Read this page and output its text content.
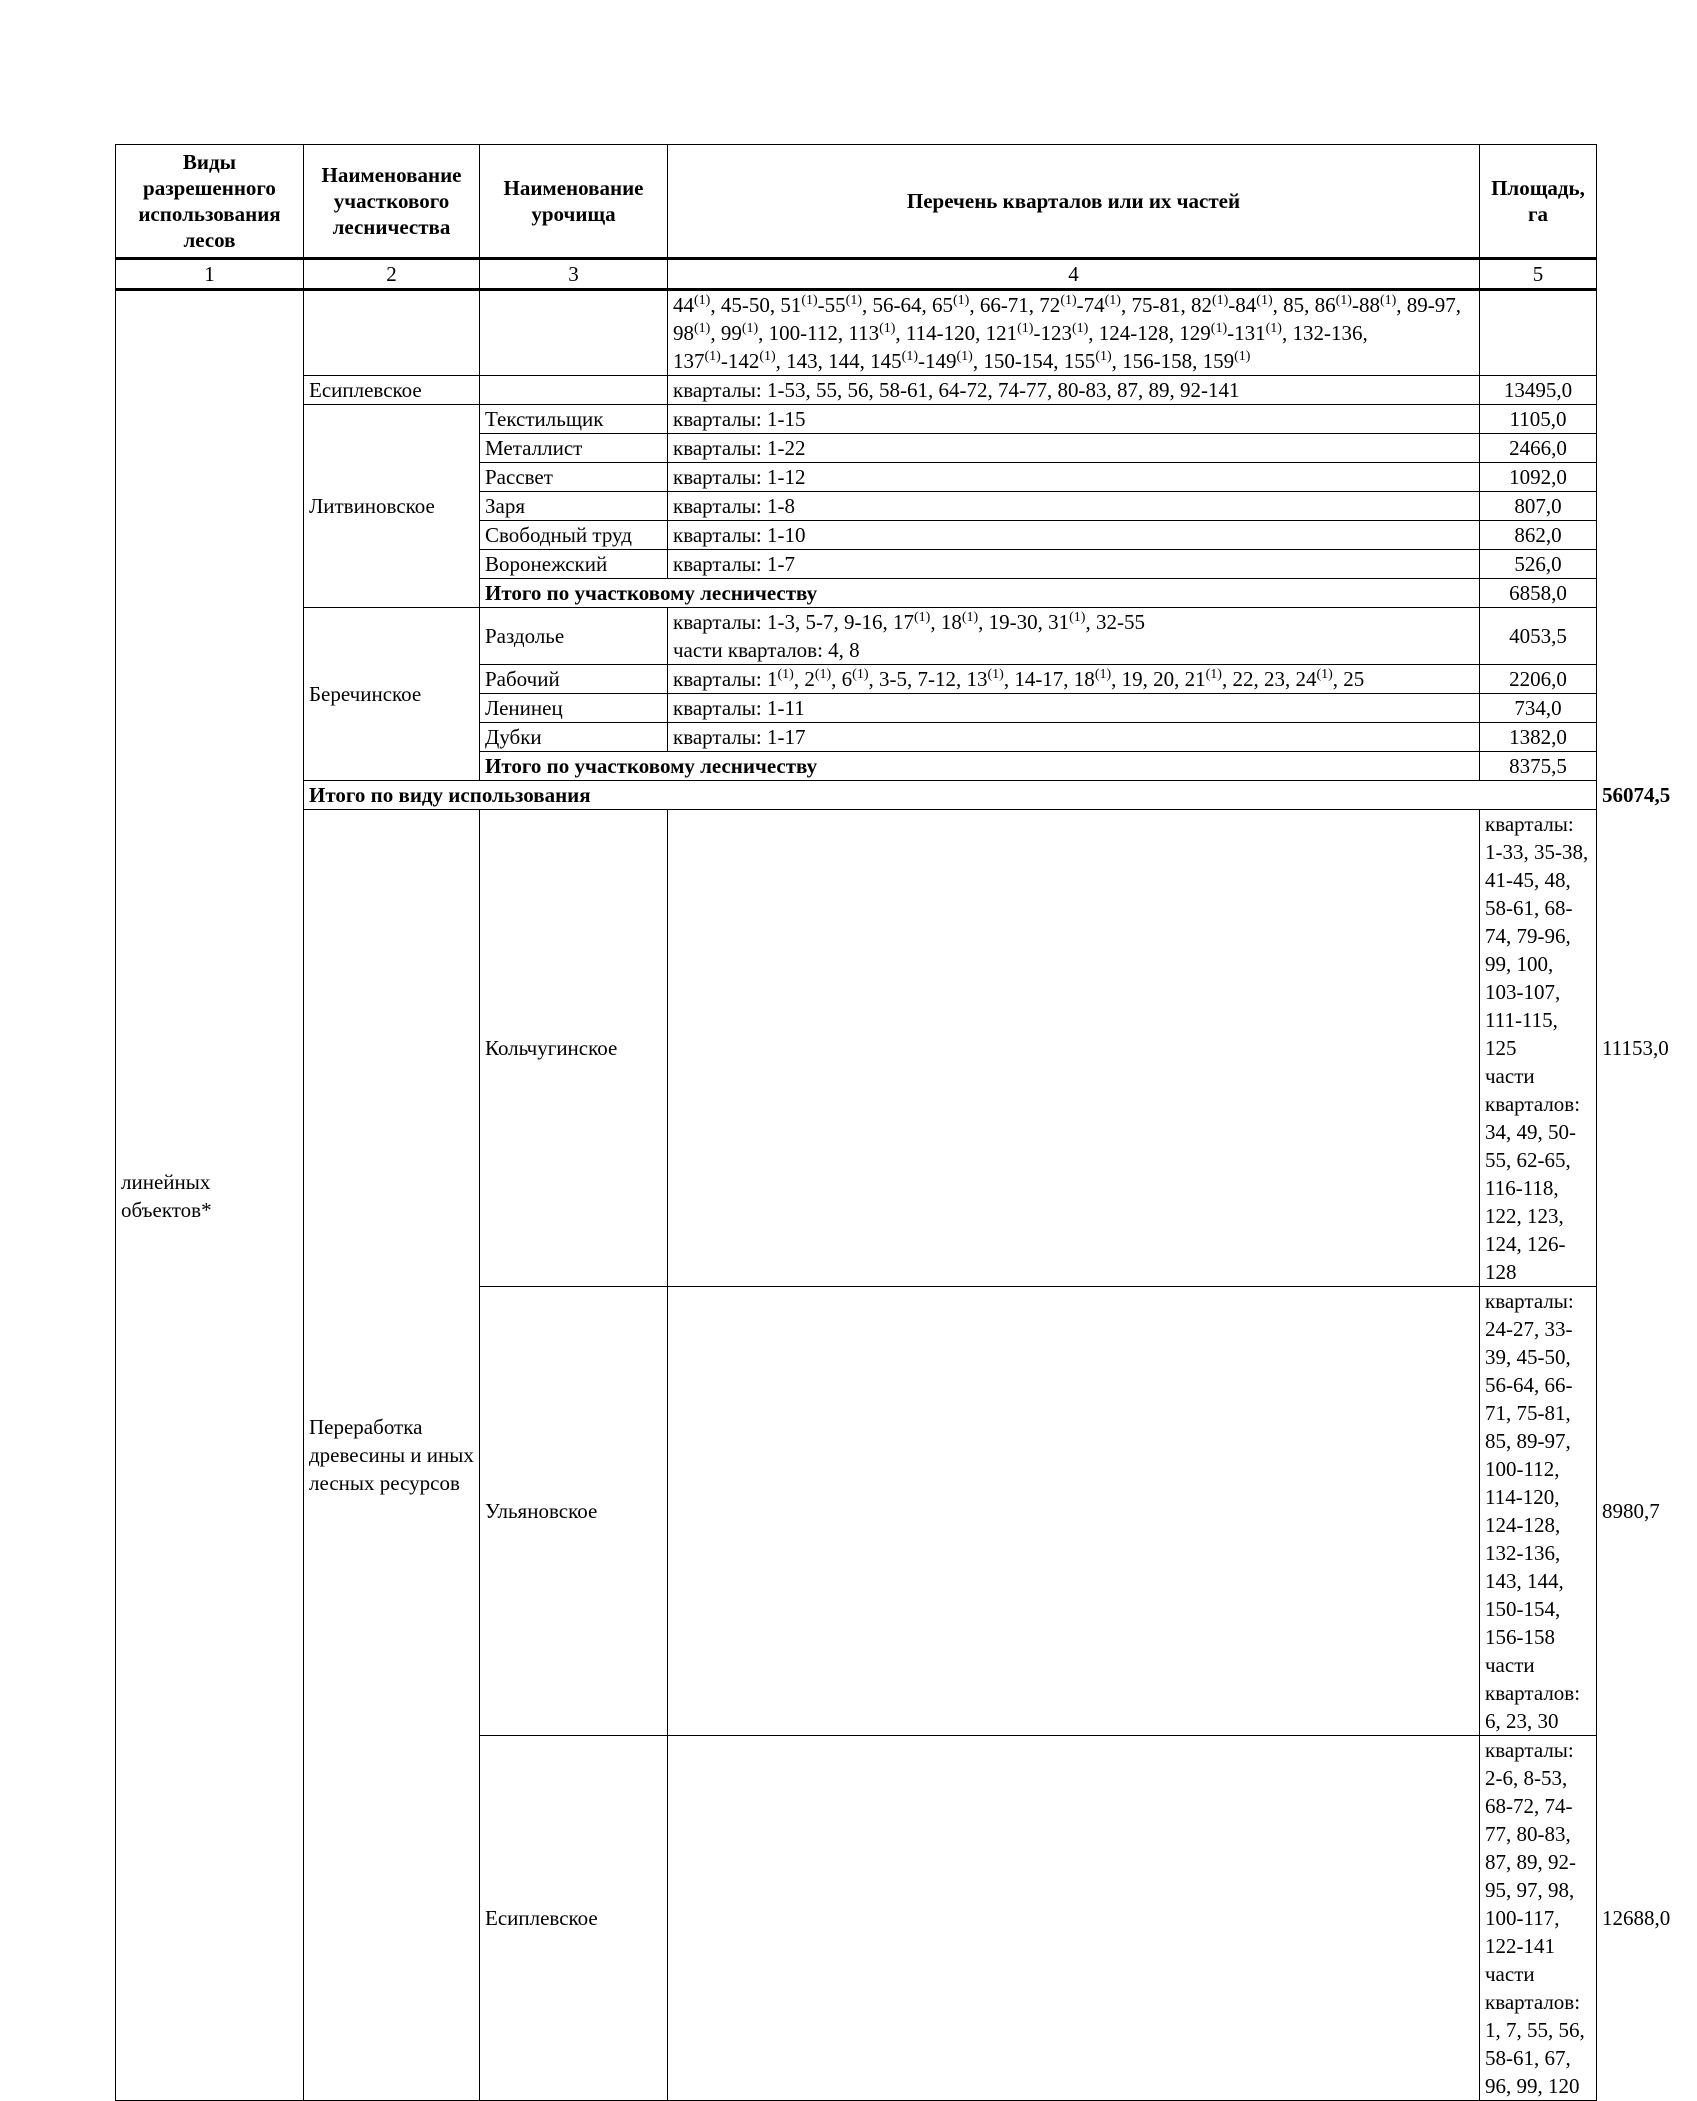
Виды разрешенного использования лесов	Наименование участкового лесничества	Наименование урочища	Перечень кварталов или их частей	Площадь, га	
1	2	3	4	5	
линейных объектов*			44$^{(1)}$, 45-50, 51$^{(1)}$-55$^{(1)}$, 56-64, 65$^{(1)}$, 66-71, 72$^{(1)}$-74$^{(1)}$, 75-81, 82$^{(1)}$-84$^{(1)}$, 85, 86$^{(1)}$-88$^{(1)}$, 89-97, 98$^{(1)}$, 99$^{(1)}$, 100-112, 113$^{(1)}$, 114-120, 121$^{(1)}$-123$^{(1)}$, 124-128, 129$^{(1)}$-131$^{(1)}$, 132-136, 137$^{(1)}$-142$^{(1)}$, 143, 144, 145$^{(1)}$-149$^{(1)}$, 150-154, 155$^{(1)}$, 156-158, 159$^{(1)}$	
	Есиплевское		кварталы: 1-53, 55, 56, 58-61, 64-72, 74-77, 80-83, 87, 89, 92-141	13495,0	
	Литвиновское	Текстильщик	кварталы: 1-15	1105,0	
		Металлист	кварталы: 1-22	2466,0	
		Рассвет	кварталы: 1-12	1092,0	
		Заря	кварталы: 1-8	807,0	
		Свободный труд	кварталы: 1-10	862,0	
		Воронежский	кварталы: 1-7	526,0	
		Итого по участковому лесничеству		6858,0	
	Беречинское	Раздолье	кварталы: 1-3, 5-7, 9-16, 17$^{(1)}$, 18$^{(1)}$, 19-30, 31$^{(1)}$, 32-55
части кварталов: 4, 8	4053,5	
		Рабочий	кварталы: 1$^{(1)}$, 2$^{(1)}$, 6$^{(1)}$, 3-5, 7-12, 13$^{(1)}$, 14-17, 18$^{(1)}$, 19, 20, 21$^{(1)}$, 22, 23, 24$^{(1)}$, 25	2206,0	
		Ленинец	кварталы: 1-11	734,0	
		Дубки	кварталы: 1-17	1382,0	
		Итого по участковому лесничеству		8375,5	
	Итого по виду использования				56074,5
	Переработка древесины и иных лесных ресурсов	Кольчугинское		кварталы: 1-33, 35-38, 41-45, 48, 58-61, 68-74, 79-96, 99, 100, 103-107, 111-115, 125
части кварталов: 34, 49, 50-55, 62-65, 116-118, 122, 123, 124, 126-128	11153,0
		Ульяновское		кварталы: 24-27, 33-39, 45-50, 56-64, 66-71, 75-81, 85, 89-97, 100-112, 114-120, 124-128, 132-136, 143, 144, 150-154, 156-158
части кварталов: 6, 23, 30	8980,7
		Есиплевское		кварталы: 2-6, 8-53, 68-72, 74-77, 80-83, 87, 89, 92-95, 97, 98, 100-117, 122-141
части кварталов: 1, 7, 55, 56, 58-61, 67, 96, 99, 120	12688,0
